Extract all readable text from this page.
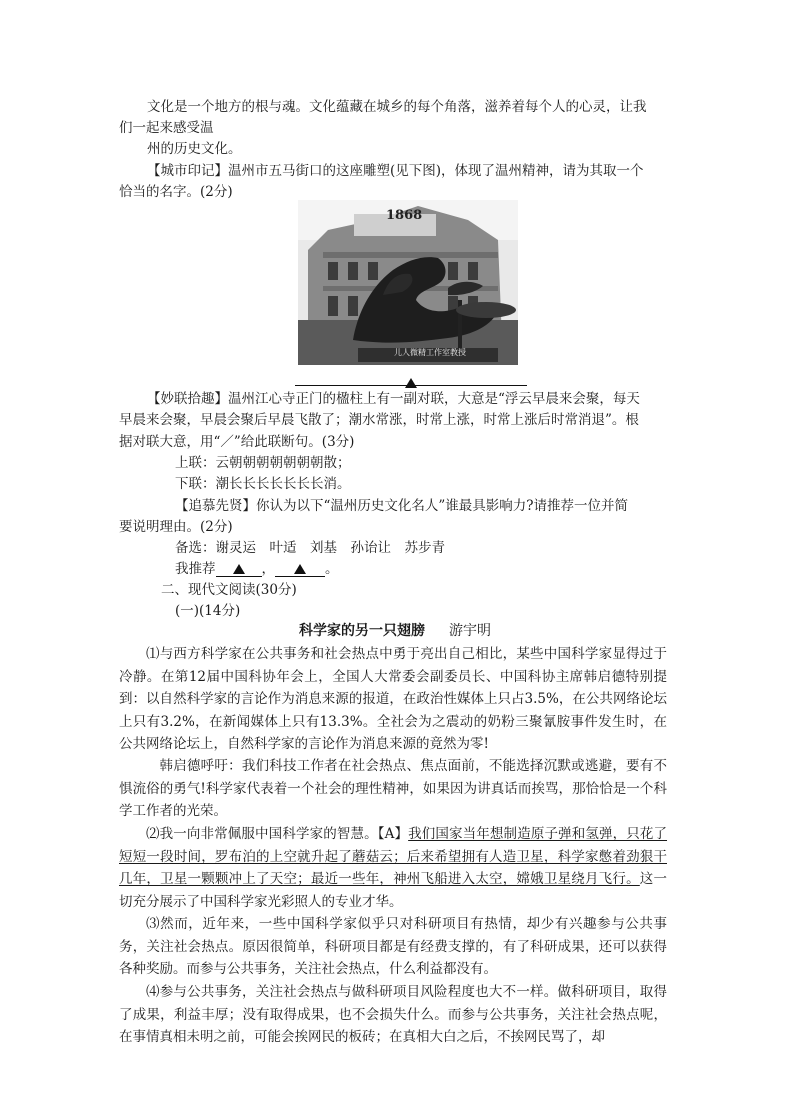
文化是一个地方的根与魂。文化蕴藏在城乡的每个角落，滋养着每个人的心灵，让我
们一起来感受温
州的历史文化。
【城市印记】温州市五马街口的这座雕塑(见下图)，体现了温州精神，请为其取一个
恰当的名字。(2分)
1868
儿人微精工作室教授
【妙联拾趣】温州江心寺正门的楹柱上有一副对联，大意是“浮云早晨来会聚，每天
早晨来会聚，早晨会聚后早晨飞散了；潮水常涨，时常上涨，时常上涨后时常消退”。根
据对联大意，用“／”给此联断句。(3分)
上联：云朝朝朝朝朝朝朝散；
下联：潮长长长长长长长消。
【追慕先贤】你认为以下“温州历史文化名人”谁最具影响力?请推荐一位并简
要说明理由。(2分)
备选：谢灵运　叶适　刘基　孙诒让　苏步青
我推荐	，	。
二、现代文阅读(30分)
(一)(14分)
科学家的另一只翅膀 游宇明
⑴与西方科学家在公共事务和社会热点中勇于亮出自己相比，某些中国科学家显得过于冷静。在第12届中国科协年会上，全国人大常委会副委员长、中国科协主席韩启德特别提到：以自然科学家的言论作为消息来源的报道，在政治性媒体上只占3.5%，在公共网络论坛上只有3.2%，在新闻媒体上只有13.3%。全社会为之震动的奶粉三聚氰胺事件发生时，在公共网络论坛上，自然科学家的言论作为消息来源的竟然为零!
韩启德呼吁：我们科技工作者在社会热点、焦点面前，不能选择沉默或逃避，要有不惧流俗的勇气!科学家代表着一个社会的理性精神，如果因为讲真话而挨骂，那恰恰是一个科学工作者的光荣。
⑵我一向非常佩服中国科学家的智慧。【A】我们国家当年想制造原子弹和氢弹，只花了短短一段时间，罗布泊的上空就升起了蘑菇云；后来希望拥有人造卫星，科学家憋着劲狠干几年，卫星一颗颗冲上了天空；最近一些年，神州飞船进入太空，嫦娥卫星绕月飞行。这一切充分展示了中国科学家光彩照人的专业才华。
⑶然而，近年来，一些中国科学家似乎只对科研项目有热情，却少有兴趣参与公共事务，关注社会热点。原因很简单，科研项目都是有经费支撑的，有了科研成果，还可以获得各种奖励。而参与公共事务，关注社会热点，什么利益都没有。
⑷参与公共事务，关注社会热点与做科研项目风险程度也大不一样。做科研项目，取得了成果，利益丰厚；没有取得成果，也不会损失什么。而参与公共事务，关注社会热点呢，在事情真相未明之前，可能会挨网民的板砖；在真相大白之后，不挨网民骂了，却
